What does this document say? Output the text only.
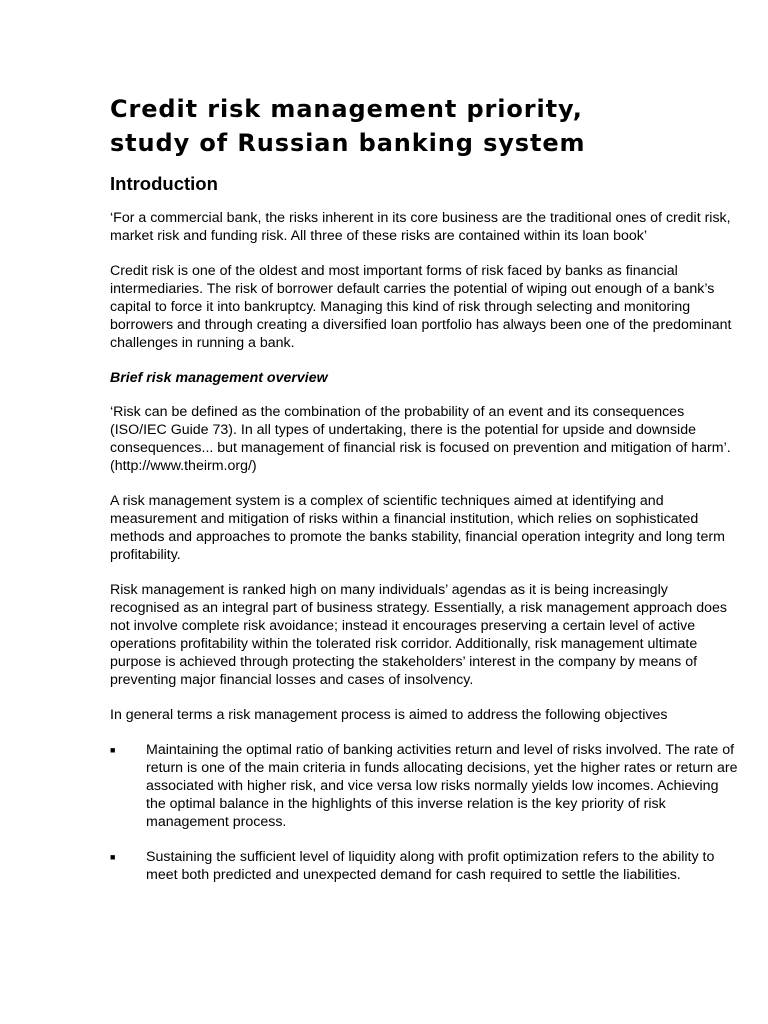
Credit risk management priority,
study of Russian banking system
Introduction

‘For a commercial bank, the risks inherent in its core business are the traditional ones of credit risk, market risk and funding risk. All three of these risks are contained within its loan book’

Credit risk is one of the oldest and most important forms of risk faced by banks as financial intermediaries. The risk of borrower default carries the potential of wiping out enough of a bank’s capital to force it into bankruptcy. Managing this kind of risk through selecting and monitoring borrowers and through creating a diversified loan portfolio has always been one of the predominant challenges in running a bank.

Brief risk management overview

‘Risk can be defined as the combination of the probability of an event and its consequences (ISO/IEC Guide 73). In all types of undertaking, there is the potential for upside and downside consequences... but management of financial risk is focused on prevention and mitigation of harm’. (http://www.theirm.org/)

A risk management system is a complex of scientific techniques aimed at identifying and measurement and mitigation of risks within a financial institution, which relies on sophisticated methods and approaches to promote the banks stability, financial operation integrity and long term profitability.

Risk management is ranked high on many individuals’ agendas as it is being increasingly recognised as an integral part of business strategy. Essentially, a risk management approach does not involve complete risk avoidance; instead it encourages preserving a certain level of active operations profitability within the tolerated risk corridor. Additionally, risk management ultimate purpose is achieved through protecting the stakeholders’ interest in the company by means of preventing major financial losses and cases of insolvency.

In general terms a risk management process is aimed to address the following objectives

■ Maintaining the optimal ratio of banking activities return and level of risks involved. The rate of return is one of the main criteria in funds allocating decisions, yet the higher rates or return are associated with higher risk, and vice versa low risks normally yields low incomes. Achieving the optimal balance in the highlights of this inverse relation is the key priority of risk management process.
■ Sustaining the sufficient level of liquidity along with profit optimization refers to the ability to meet both predicted and unexpected demand for cash required to settle the liabilities.
